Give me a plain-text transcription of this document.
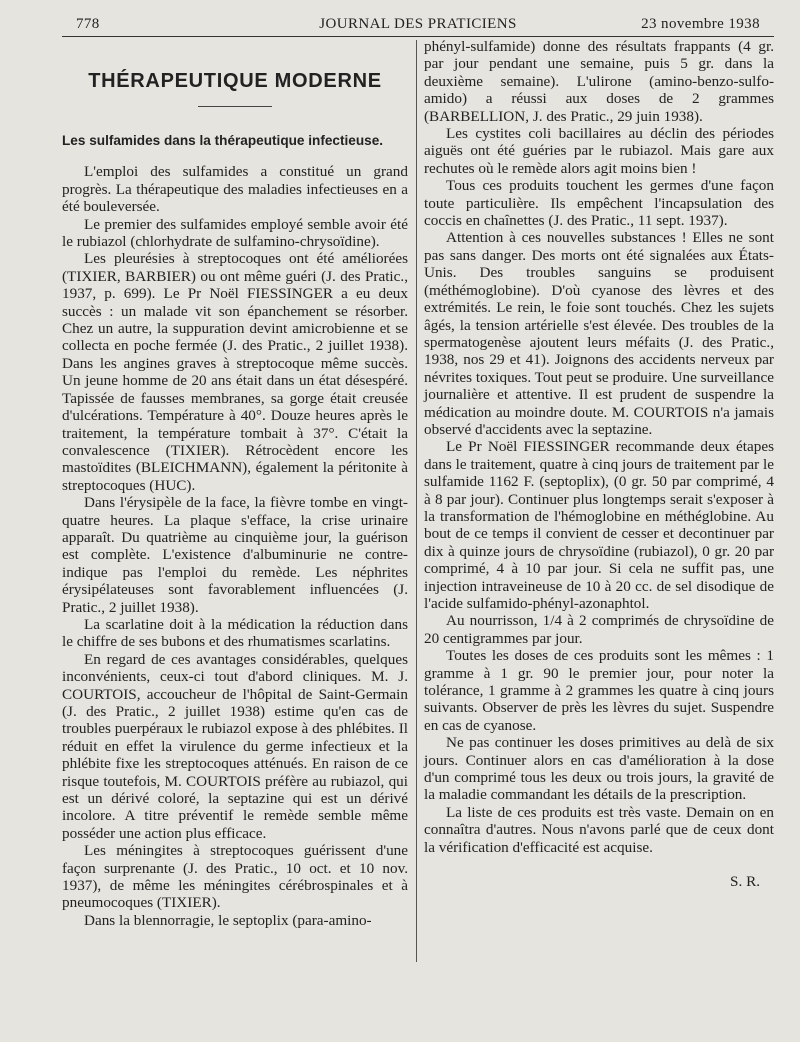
778	JOURNAL DES PRATICIENS	23 novembre 1938
THÉRAPEUTIQUE MODERNE
Les sulfamides dans la thérapeutique infectieuse.

L'emploi des sulfamides a constitué un grand progrès. La thérapeutique des maladies infectieuses en a été bouleversée.

Le premier des sulfamides employé semble avoir été le rubiazol (chlorhydrate de sulfamino-chrysoïdine).

Les pleurésies à streptocoques ont été améliorées (TIXIER, BARBIER) ou ont même guéri (J. des Pratic., 1937, p. 699). Le Pr Noël FIESSINGER a eu deux succès : un malade vit son épanchement se résorber. Chez un autre, la suppuration devint amicrobienne et se collecta en poche fermée (J. des Pratic., 2 juillet 1938). Dans les angines graves à streptocoque même succès. Un jeune homme de 20 ans était dans un état désespéré. Tapissée de fausses membranes, sa gorge était creusée d'ulcérations. Température à 40°. Douze heures après le traitement, la température tombait à 37°. C'était la convalescence (TIXIER). Rétrocèdent encore les mastoïdites (BLEICHMANN), également la péritonite à streptocoques (HUC).

Dans l'érysipèle de la face, la fièvre tombe en vingt-quatre heures. La plaque s'efface, la crise urinaire apparaît. Du quatrième au cinquième jour, la guérison est complète. L'existence d'albuminurie ne contre-indique pas l'emploi du remède. Les néphrites érysipélateuses sont favorablement influencées (J. Pratic., 2 juillet 1938).

La scarlatine doit à la médication la réduction dans le chiffre de ses bubons et des rhumatismes scarlatins.

En regard de ces avantages considérables, quelques inconvénients, ceux-ci tout d'abord cliniques. M. J. COURTOIS, accoucheur de l'hôpital de Saint-Germain (J. des Pratic., 2 juillet 1938) estime qu'en cas de troubles puerpéraux le rubiazol expose à des phlébites. Il réduit en effet la virulence du germe infectieux et la phlébite fixe les streptocoques atténués. En raison de ce risque toutefois, M. COURTOIS préfère au rubiazol, qui est un dérivé coloré, la septazine qui est un dérivé incolore. A titre préventif le remède semble même posséder une action plus efficace.

Les méningites à streptocoques guérissent d'une façon surprenante (J. des Pratic., 10 oct. et 10 nov. 1937), de même les méningites cérébrospinales et à pneumocoques (TIXIER).

Dans la blennorragie, le septoplix (para-amino-

phényl-sulfamide) donne des résultats frappants (4 gr. par jour pendant une semaine, puis 5 gr. dans la deuxième semaine). L'ulirone (amino-benzo-sulfo-amido) a réussi aux doses de 2 grammes (BARBELLION, J. des Pratic., 29 juin 1938).

Les cystites coli bacillaires au déclin des périodes aiguës ont été guéries par le rubiazol. Mais gare aux rechutes où le remède alors agit moins bien !

Tous ces produits touchent les germes d'une façon toute particulière. Ils empêchent l'incapsulation des coccis en chaînettes (J. des Pratic., 11 sept. 1937).

Attention à ces nouvelles substances ! Elles ne sont pas sans danger. Des morts ont été signalées aux États-Unis. Des troubles sanguins se produisent (méthémoglobine). D'où cyanose des lèvres et des extrémités. Le rein, le foie sont touchés. Chez les sujets âgés, la tension artérielle s'est élevée. Des troubles de la spermatogenèse ajoutent leurs méfaits (J. des Pratic., 1938, nos 29 et 41). Joignons des accidents nerveux par névrites toxiques. Tout peut se produire. Une surveillance journalière et attentive. Il est prudent de suspendre la médication au moindre doute. M. COURTOIS n'a jamais observé d'accidents avec la septazine.

Le Pr Noël FIESSINGER recommande deux étapes dans le traitement, quatre à cinq jours de traitement par le sulfamide 1162 F. (septoplix), (0 gr. 50 par comprimé, 4 à 8 par jour). Continuer plus longtemps serait s'exposer à la transformation de l'hémoglobine en méthéglobine. Au bout de ce temps il convient de cesser et decontinuer par dix à quinze jours de chrysoïdine (rubiazol), 0 gr. 20 par comprimé, 4 à 10 par jour. Si cela ne suffit pas, une injection intraveineuse de 10 à 20 cc. de sel disodique de l'acide sulfamido-phényl-azonaphtol.

Au nourrisson, 1/4 à 2 comprimés de chrysoïdine de 20 centigrammes par jour.

Toutes les doses de ces produits sont les mêmes : 1 gramme à 1 gr. 90 le premier jour, pour noter la tolérance, 1 gramme à 2 grammes les quatre à cinq jours suivants. Observer de près les lèvres du sujet. Suspendre en cas de cyanose.

Ne pas continuer les doses primitives au delà de six jours. Continuer alors en cas d'amélioration à la dose d'un comprimé tous les deux ou trois jours, la gravité de la maladie commandant les détails de la prescription.

La liste de ces produits est très vaste. Demain on en connaîtra d'autres. Nous n'avons parlé que de ceux dont la vérification d'efficacité est acquise.

S. R.
